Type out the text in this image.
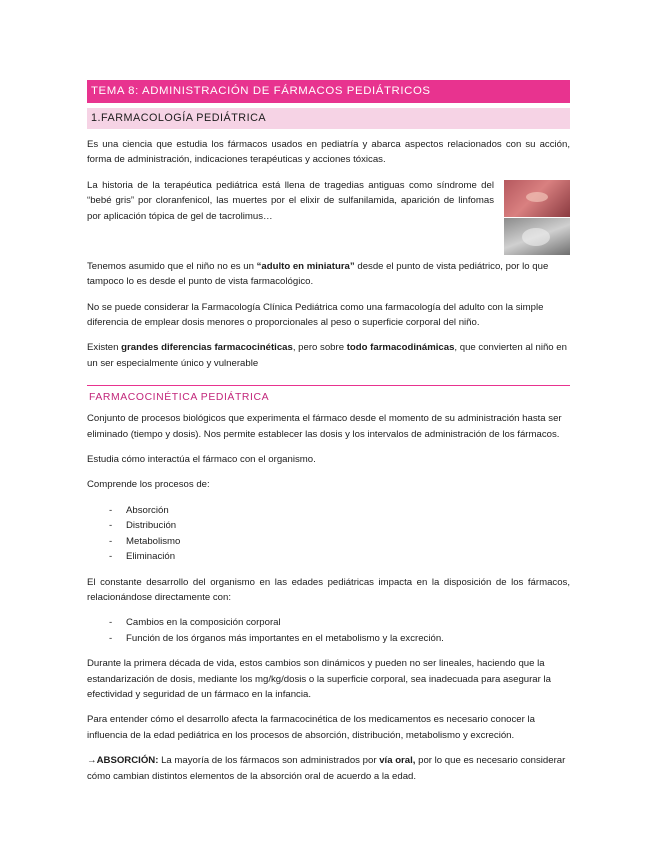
TEMA 8: ADMINISTRACIÓN DE FÁRMACOS PEDIÁTRICOS
1.FARMACOLOGÍA PEDIÁTRICA

Es una ciencia que estudia los fármacos usados en pediatría y abarca aspectos relacionados con su acción, forma de administración, indicaciones terapéuticas y acciones tóxicas.

La historia de la terapéutica pediátrica está llena de tragedias antiguas como síndrome del “bebé gris” por cloranfenicol, las muertes por el elixir de sulfanilamida, aparición de linfomas por aplicación tópica de gel de tacrolimus…

Tenemos asumido que el niño no es un “adulto en miniatura” desde el punto de vista pediátrico, por lo que tampoco lo es desde el punto de vista farmacológico.

No se puede considerar la Farmacología Clínica Pediátrica como una farmacología del adulto con la simple diferencia de emplear dosis menores o proporcionales al peso o superficie corporal del niño.

Existen grandes diferencias farmacocinéticas, pero sobre todo farmacodinámicas, que convierten al niño en un ser especialmente único y vulnerable

FARMACOCINÉTICA PEDIÁTRICA

Conjunto de procesos biológicos que experimenta el fármaco desde el momento de su administración hasta ser eliminado (tiempo y dosis). Nos permite establecer las dosis y los intervalos de administración de los fármacos.

Estudia cómo interactúa el fármaco con el organismo.

Comprende los procesos de:

- Absorción
- Distribución
- Metabolismo
- Eliminación

El constante desarrollo del organismo en las edades pediátricas impacta en la disposición de los fármacos, relacionándose directamente con:

- Cambios en la composición corporal
- Función de los órganos más importantes en el metabolismo y la excreción.

Durante la primera década de vida, estos cambios son dinámicos y pueden no ser lineales, haciendo que la estandarización de dosis, mediante los mg/kg/dosis o la superficie corporal, sea inadecuada para asegurar la efectividad y seguridad de un fármaco en la infancia.

Para entender cómo el desarrollo afecta la farmacocinética de los medicamentos es necesario conocer la influencia de la edad pediátrica en los procesos de absorción, distribución, metabolismo y excreción.

→ABSORCIÓN: La mayoría de los fármacos son administrados por vía oral, por lo que es necesario considerar cómo cambian distintos elementos de la absorción oral de acuerdo a la edad.
